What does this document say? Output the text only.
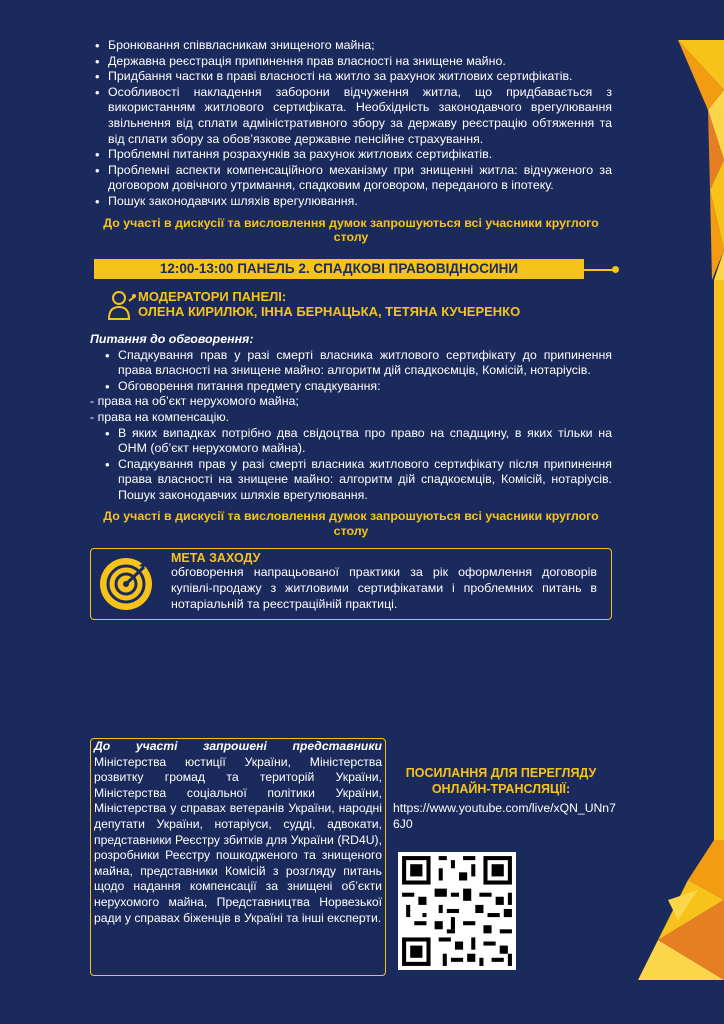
• Бронювання співвласникам знищеного майна;
• Державна реєстрація припинення прав власності на знищене майно.
• Придбання частки в праві власності на житло за рахунок житлових сертифікатів.
• Особливості накладення заборони відчуження житла, що придбавається з використанням житлового сертифіката. Необхідність законодавчого врегулювання звільнення від сплати адміністративного збору за державу реєстрацію обтяження та від сплати збору за обов’язкове державне пенсійне страхування.
• Проблемні питання розрахунків за рахунок житлових сертифікатів.
• Проблемні аспекти компенсаційного механізму при знищенні житла: відчуженого за договором довічного утримання, спадковим договором, переданого в іпотеку.
• Пошук законодавчих шляхів врегулювання.

До участі в дискусії та висловлення думок запрошуються всі учасники круглого столу

12:00-13:00 ПАНЕЛЬ 2. СПАДКОВІ ПРАВОВІДНОСИНИ
МОДЕРАТОРИ ПАНЕЛІ:
ОЛЕНА КИРИЛЮК, ІННА БЕРНАЦЬКА, ТЕТЯНА КУЧЕРЕНКО
Питання до обговорення:
• Спадкування прав у разі смерті власника житлового сертифікату до припинення права власності на знищене майно: алгоритм дій спадкоємців, Комісій, нотаріусів.
• Обговорення питання предмету спадкування:

- права на об’єкт нерухомого майна;

- права на компенсацію.

• В яких випадках потрібно два свідоцтва про право на спадщину, в яких тільки на ОНМ (об’єкт нерухомого майна).
• Спадкування прав у разі смерті власника житлового сертифікату після припинення права власності на знищене майно: алгоритм дій спадкоємців, Комісій, нотаріусів. Пошук законодавчих шляхів врегулювання.

До участі в дискусії та висловлення думок запрошуються всі учасники круглого столу

МЕТА ЗАХОДУ
обговорення напрацьованої практики за рік оформлення договорів купівлі-продажу з житловими сертифікатами і проблемних питань в нотаріальній та реєстраційній практиці.
До участі запрошені представники Міністерства юстиції України, Міністерства розвитку громад та територій України, Міністерства соціальної політики України, Міністерства у справах ветеранів України, народні депутати України, нотаріуси, судді, адвокати, представники Реєстру збитків для України (RD4U), розробники Реєстру пошкодженого та знищеного майна, представники Комісій з розгляду питань щодо надання компенсації за знищені об’єкти нерухомого майна, Представництва Норвезької ради у справах біженців в Україні та інші експерти.
ПОСИЛАННЯ ДЛЯ ПЕРЕГЛЯДУ ОНЛАЙН-ТРАНСЛЯЦІЇ:
https://www.youtube.com/live/xQN_UNn76J0
